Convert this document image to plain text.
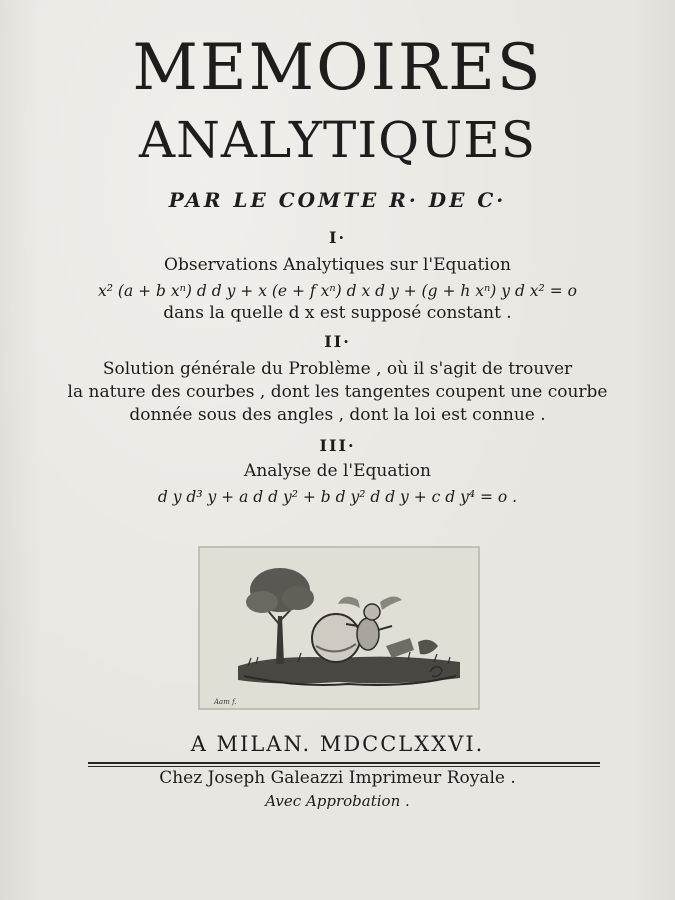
MEMOIRES
ANALYTIQUES
PAR LE COMTE R· DE C·
I·
Observations Analytiques sur l'Equation
x² (a + b xⁿ) d d y + x (e + f xⁿ) d x d y + (g + h xⁿ) y d x² = o
dans la quelle d x est supposé constant .
II·
Solution générale du Problème , où il s'agit de trouver
la nature des courbes , dont les tangentes coupent une courbe
donnée sous des angles , dont la loi est connue .
III·
Analyse de l'Equation
d y d³ y + a d d y² + b d y² d d y + c d y⁴ = o .
Aam f.
A MILAN. MDCCLXXVI.
Chez Joseph Galeazzi Imprimeur Royale .
Avec Approbation .
